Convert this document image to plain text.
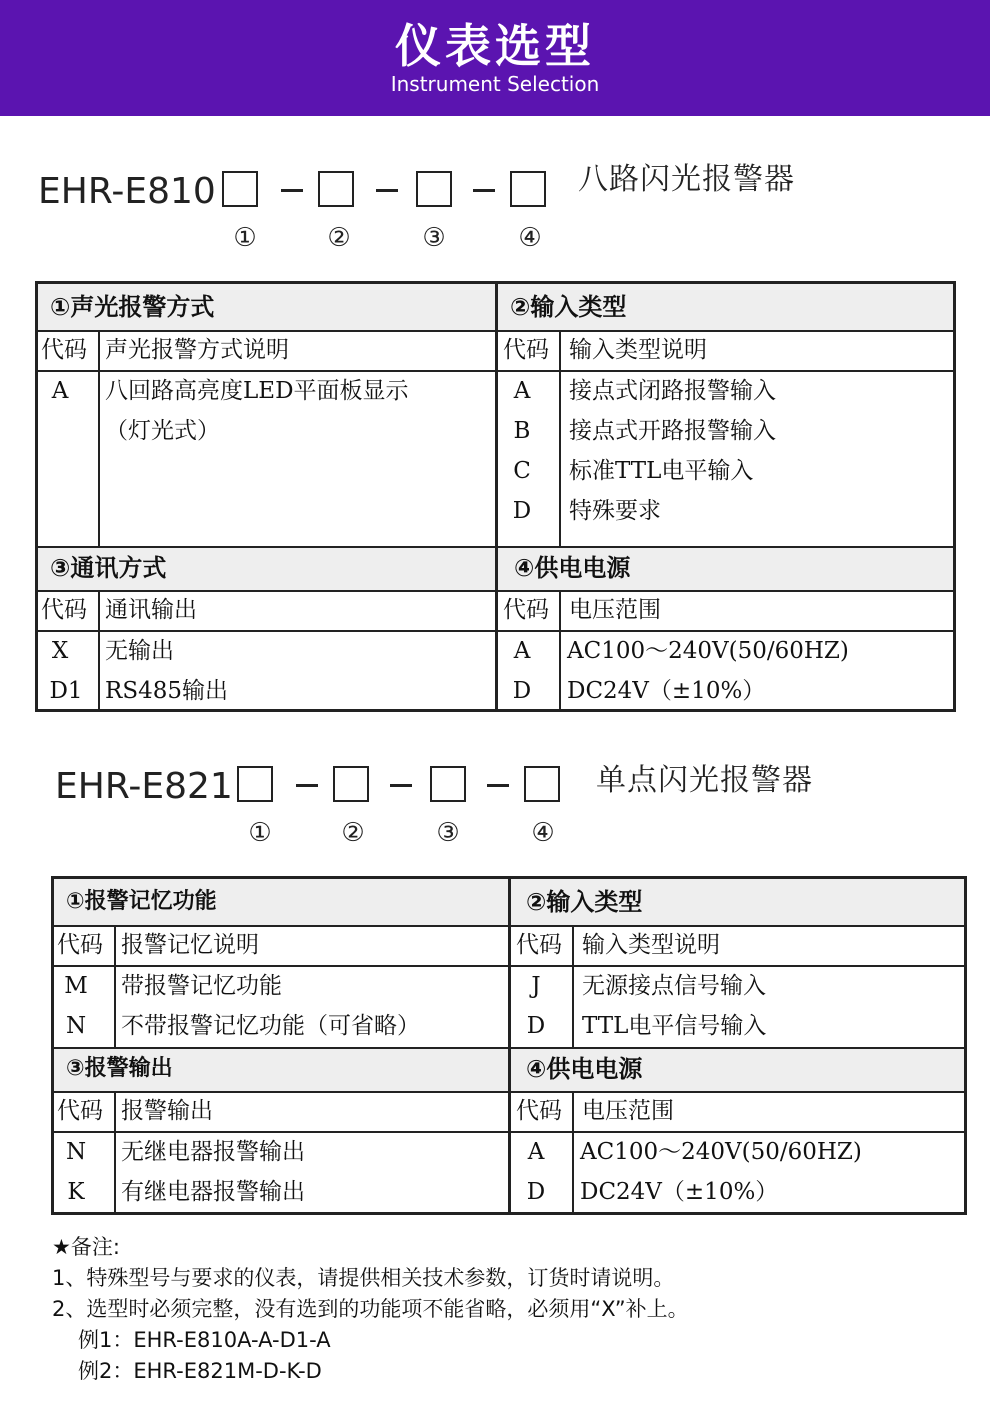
仪表选型
Instrument Selection
EHR-E810	八路闪光报警器
①	②	③	④
①声光报警方式
代码 声光报警方式说明
A	八回路高亮度LED平面板显示
（灯光式）
②输入类型
代码 输入类型说明
A	接点式闭路报警输入
B	接点式开路报警输入
C	标准TTL电平输入
D	特殊要求
③通讯方式
代码 通讯输出
X	无输出
D1 RS485输出
④供电电源
代码 电压范围
A	AC100～240V(50/60HZ)
D	DC24V（±10%）
EHR-E821	单点闪光报警器
①	②	③	④
①报警记忆功能
代码 报警记忆说明
M	带报警记忆功能
N	不带报警记忆功能（可省略）
②输入类型
代码 输入类型说明
J	无源接点信号输入
D	TTL电平信号输入
③报警输出
代码 报警输出
N	无继电器报警输出
K	有继电器报警输出
④供电电源
代码 电压范围
A	AC100～240V(50/60HZ)
D	DC24V（±10%）
★备注:
1、特殊型号与要求的仪表，请提供相关技术参数，订货时请说明。
2、选型时必须完整，没有选到的功能项不能省略，必须用“X”补上。
例1：EHR-E810A-A-D1-A
例2：EHR-E821M-D-K-D
